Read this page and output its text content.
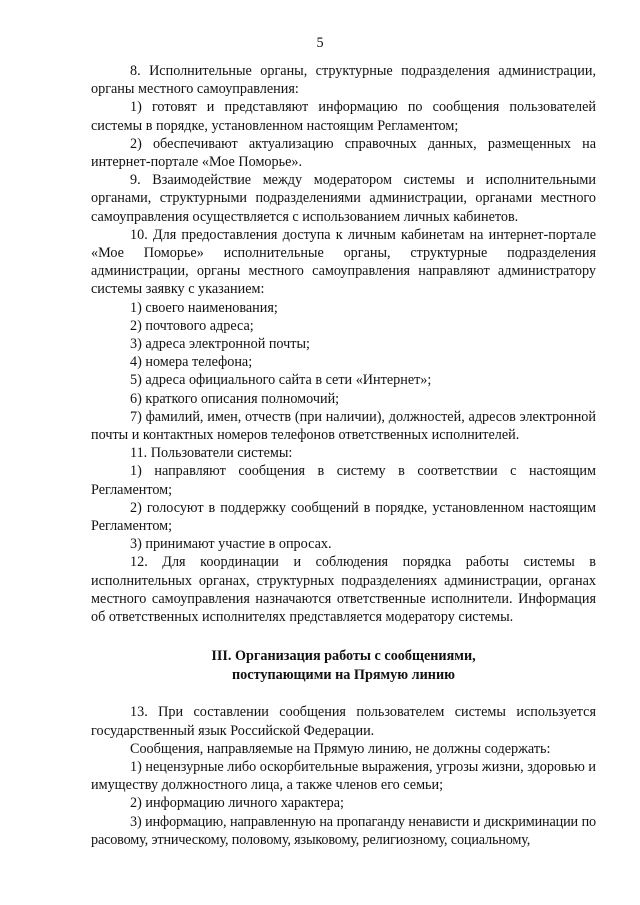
5

8. Исполнительные органы, структурные подразделения администрации, органы местного самоуправления:

1) готовят и представляют информацию по сообщения пользователей системы в порядке, установленном настоящим Регламентом;

2) обеспечивают актуализацию справочных данных, размещенных на интернет-портале «Мое Поморье».

9. Взаимодействие между модератором системы и исполнительными органами, структурными подразделениями администрации, органами местного самоуправления осуществляется с использованием личных кабинетов.

10. Для предоставления доступа к личным кабинетам на интернет-портале «Мое Поморье» исполнительные органы, структурные подразделения администрации, органы местного самоуправления направляют администратору системы заявку с указанием:

1) своего наименования;

2) почтового адреса;

3) адреса электронной почты;

4) номера телефона;

5) адреса официального сайта в сети «Интернет»;

6) краткого описания полномочий;

7) фамилий, имен, отчеств (при наличии), должностей, адресов электронной почты и контактных номеров телефонов ответственных исполнителей.

11. Пользователи системы:

1) направляют сообщения в систему в соответствии с настоящим Регламентом;

2) голосуют в поддержку сообщений в порядке, установленном настоящим Регламентом;

3) принимают участие в опросах.

12. Для координации и соблюдения порядка работы системы в исполнительных органах, структурных подразделениях администрации, органах местного самоуправления назначаются ответственные исполнители. Информация об ответственных исполнителях представляется модератору системы.

III. Организация работы с сообщениями,
поступающими на Прямую линию

13. При составлении сообщения пользователем системы используется государственный язык Российской Федерации.

Сообщения, направляемые на Прямую линию, не должны содержать:

1) нецензурные либо оскорбительные выражения, угрозы жизни, здоровью и имуществу должностного лица, а также членов его семьи;

2) информацию личного характера;

3) информацию, направленную на пропаганду ненависти и дискриминации по расовому, этническому, половому, языковому, религиозному, социальному,
